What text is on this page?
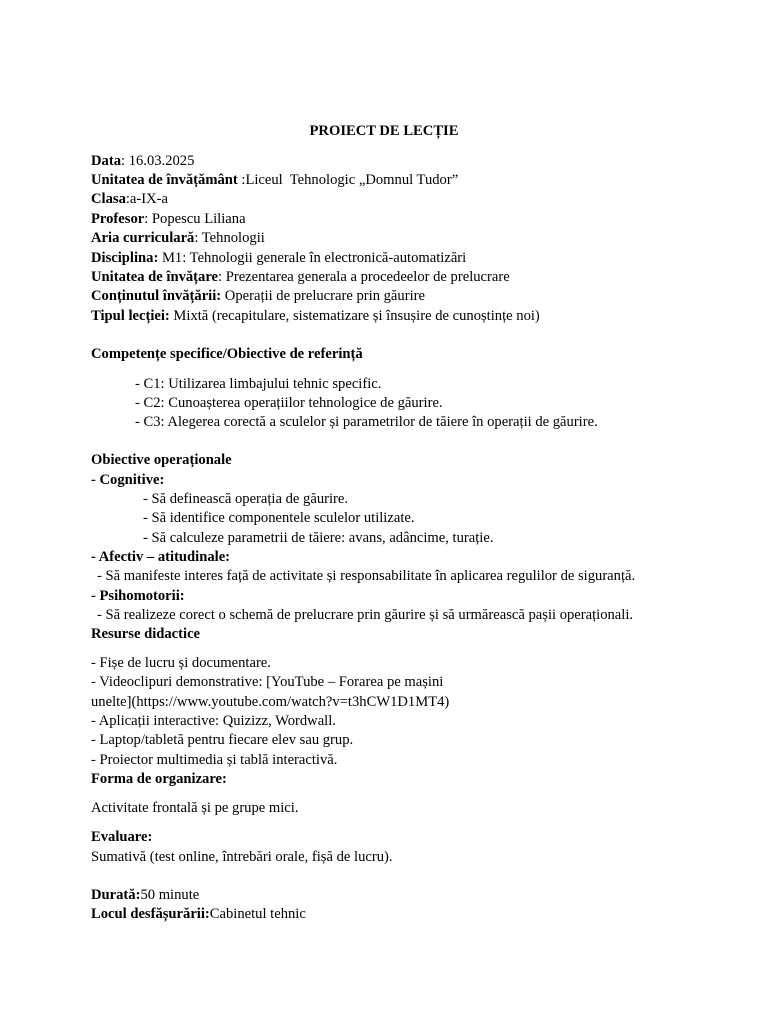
PROIECT DE LECȚIE
Data: 16.03.2025
Unitatea de învățământ :Liceul  Tehnologic „Domnul Tudor”
Clasa:a-IX-a
Profesor: Popescu Liliana
Aria curriculară: Tehnologii
Disciplina: M1: Tehnologii generale în electronică-automatizări
Unitatea de învățare: Prezentarea generala a procedeelor de prelucrare
Conținutul învățării: Operații de prelucrare prin găurire
Tipul lecției: Mixtă (recapitulare, sistematizare și însușire de cunoștințe noi)
Competențe specifice/Obiective de referință
- C1: Utilizarea limbajului tehnic specific.
- C2: Cunoașterea operațiilor tehnologice de găurire.
- C3: Alegerea corectă a sculelor și parametrilor de tăiere în operații de găurire.
Obiective operaționale
- Cognitive:
- Să definească operația de găurire.
- Să identifice componentele sculelor utilizate.
- Să calculeze parametrii de tăiere: avans, adâncime, turație.
- Afectiv – atitudinale:
- Să manifeste interes față de activitate și responsabilitate în aplicarea regulilor de siguranță.
- Psihomotorii:
- Să realizeze corect o schemă de prelucrare prin găurire și să urmărească pașii operaționali.
Resurse didactice
- Fișe de lucru și documentare.
- Videoclipuri demonstrative: [YouTube – Forarea pe mașini
unelte](https://www.youtube.com/watch?v=t3hCW1D1MT4)
- Aplicații interactive: Quizizz, Wordwall.
- Laptop/tabletă pentru fiecare elev sau grup.
- Proiector multimedia și tablă interactivă.
Forma de organizare:
Activitate frontală și pe grupe mici.
Evaluare:
Sumativă (test online, întrebări orale, fișă de lucru).
Durată:50 minute
Locul desfășurării:Cabinetul tehnic
